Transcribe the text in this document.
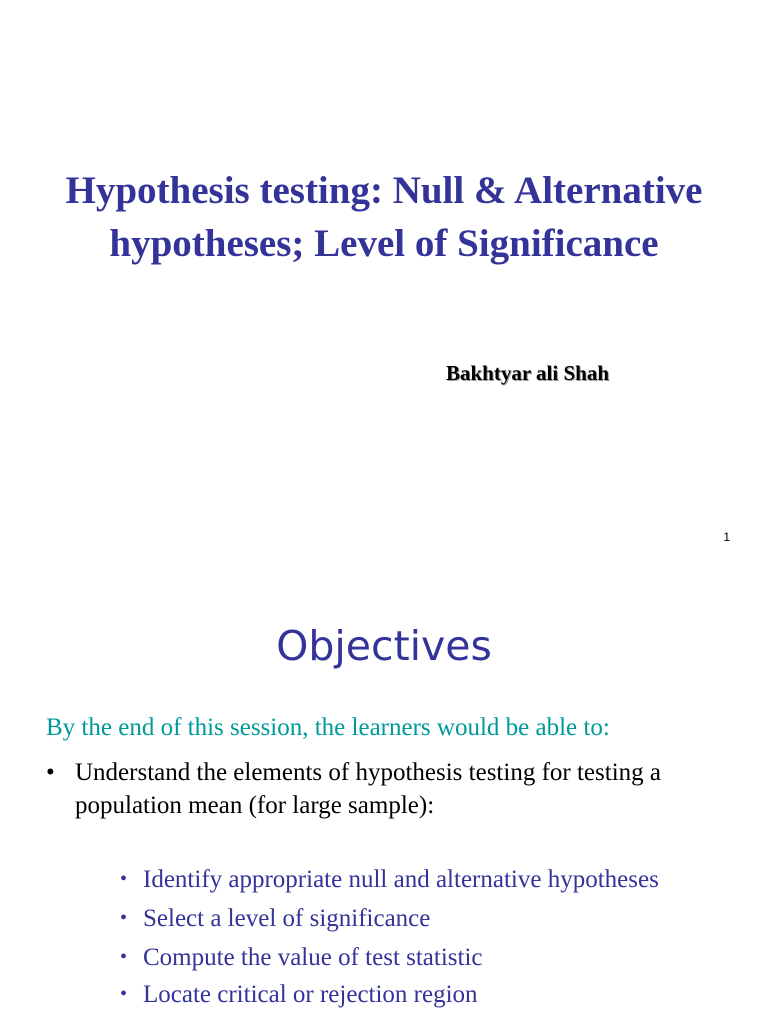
Hypothesis testing: Null & Alternative hypotheses; Level of Significance

Bakhtyar ali Shah

1
Objectives

By the end of this session, the learners would be able to:

• Understand the elements of hypothesis testing for testing a population mean (for large sample):
• Identify appropriate null and alternative hypotheses
• Select a level of significance
• Compute the value of test statistic
• Locate critical or rejection region
